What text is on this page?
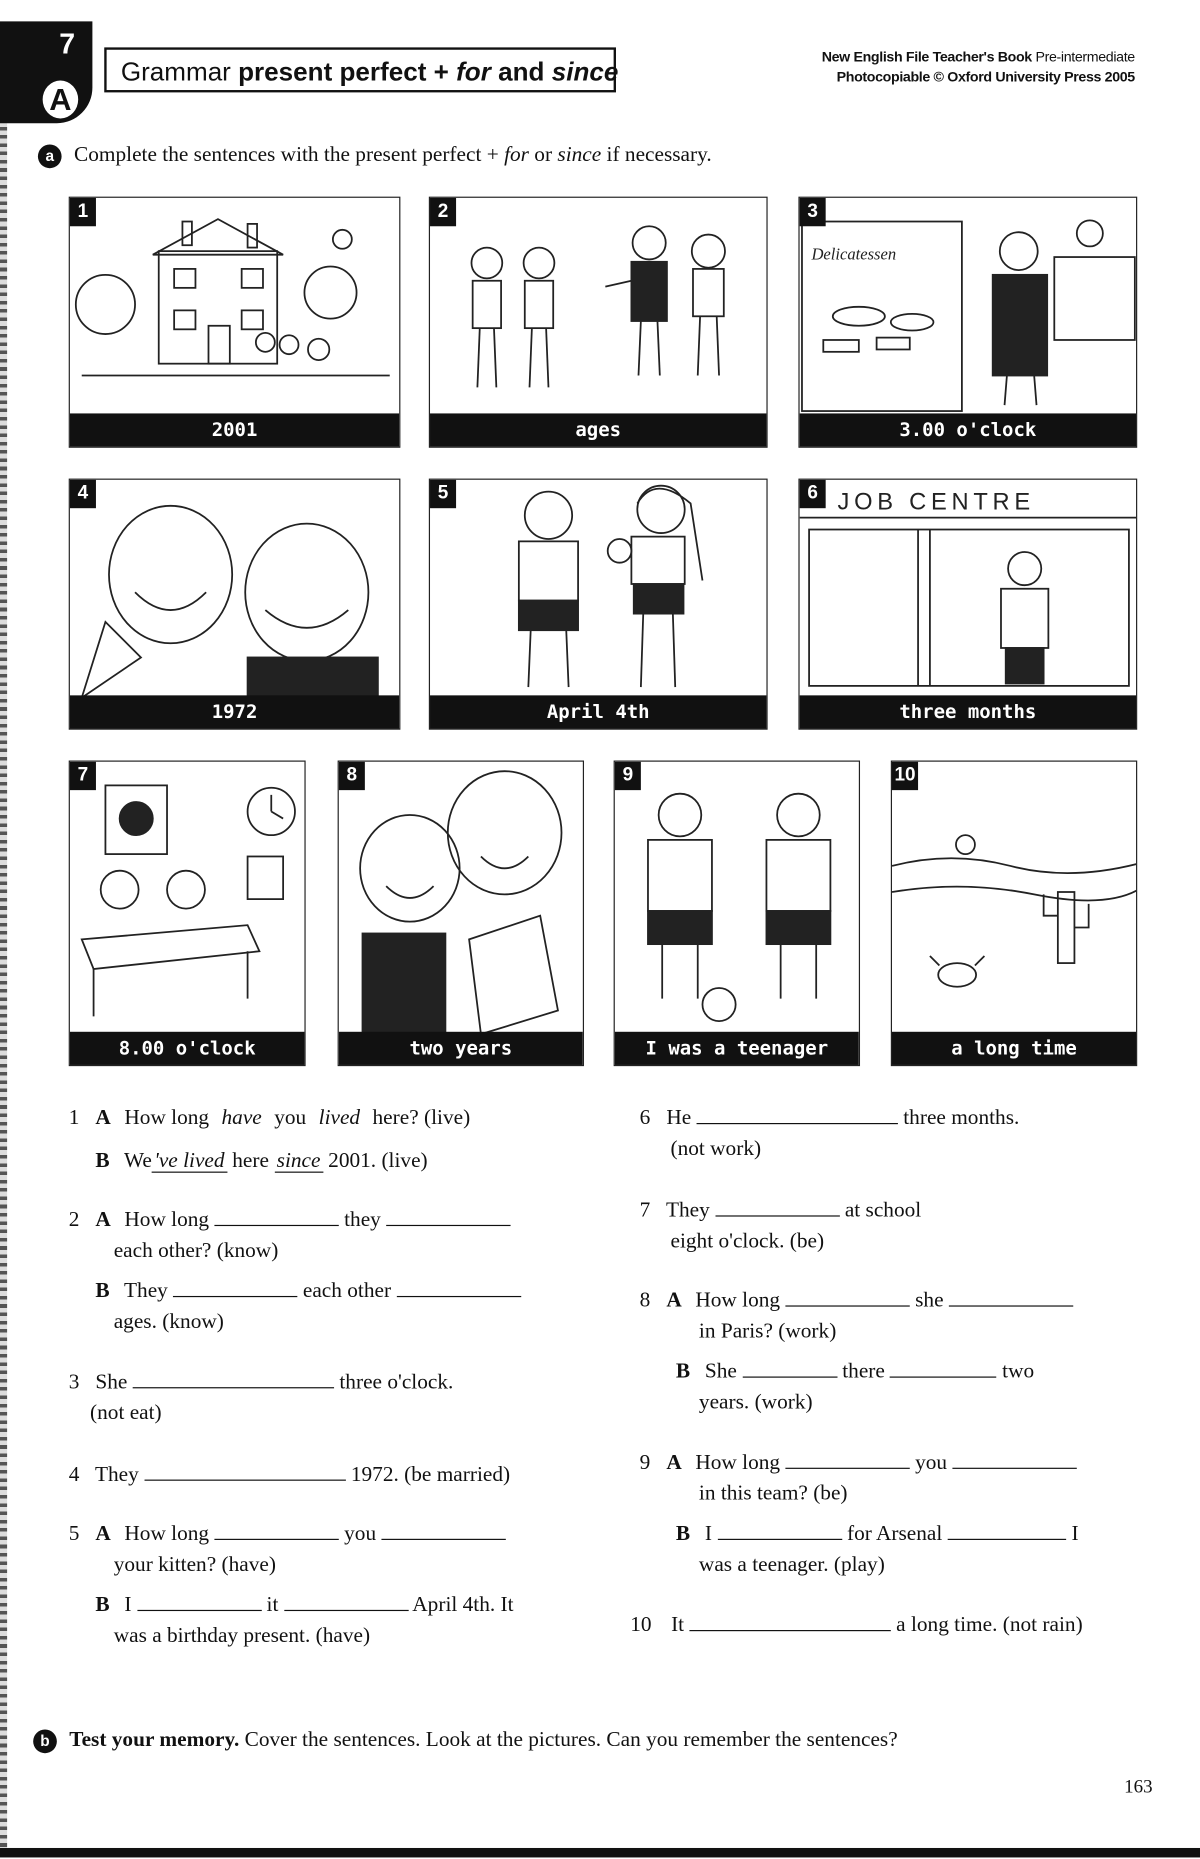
7
A
Grammar present perfect + for and since	New English File Teacher's Book Pre-intermediate
Photocopiable © Oxford University Press 2005
a Complete the sentences with the present perfect + for or since if necessary.
1
2001
2
ages
3
Delicatessen
3.00 o'clock
4
1972
5
April 4th
6 JOB CENTRE
three months
7
8.00 o'clock
8
two years
9
I was a teenager
10
a long time
1 A How long have you lived here? (live)
B We 've lived here since 2001. (live)
2 A How long	they
each other? (know)
B They	each other
ages. (know)
3 She	three o'clock.
(not eat)
4 They	1972. (be married)
5 A How long	you
your kitten? (have)
B I	it	April 4th. It
was a birthday present. (have)
6 He	three months.
(not work)
7 They	at school
eight o'clock. (be)
8 A How long	she
in Paris? (work)
B She	there	two
years. (work)
9 A How long	you
in this team? (be)
B I	for Arsenal	I
was a teenager. (play)
10 It	a long time. (not rain)
b Test your memory. Cover the sentences. Look at the pictures. Can you remember the sentences?
163
